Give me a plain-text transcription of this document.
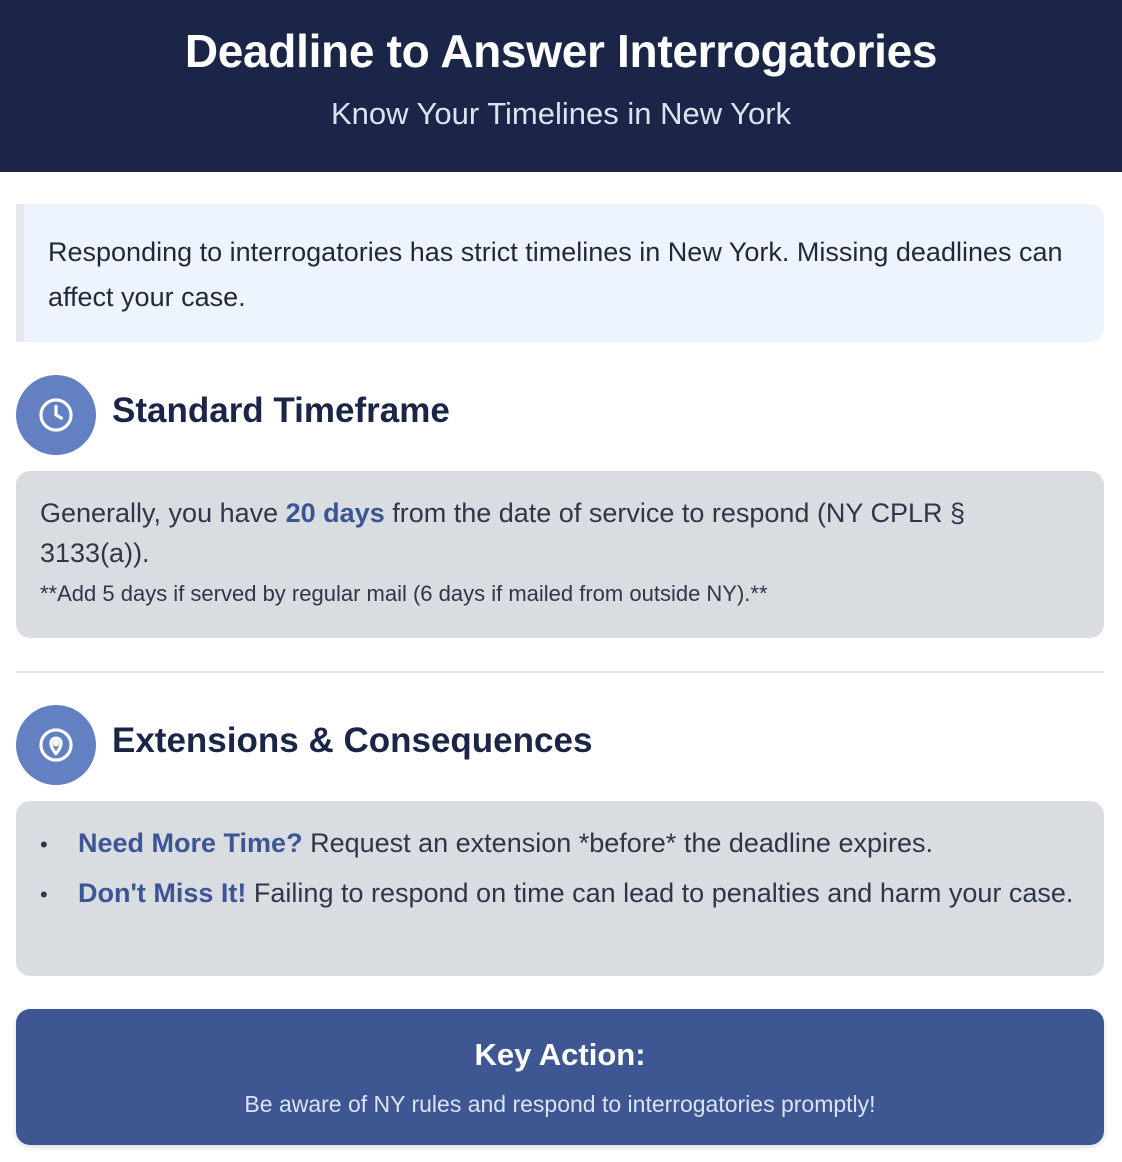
Deadline to Answer Interrogatories
Know Your Timelines in New York
Responding to interrogatories has strict timelines in New York. Missing deadlines can affect your case.
Standard Timeframe
Generally, you have 20 days from the date of service to respond (NY CPLR § 3133(a)).
**Add 5 days if served by regular mail (6 days if mailed from outside NY).**
Extensions & Consequences
• Need More Time? Request an extension *before* the deadline expires.
• Don't Miss It! Failing to respond on time can lead to penalties and harm your case.
Key Action:
Be aware of NY rules and respond to interrogatories promptly!
